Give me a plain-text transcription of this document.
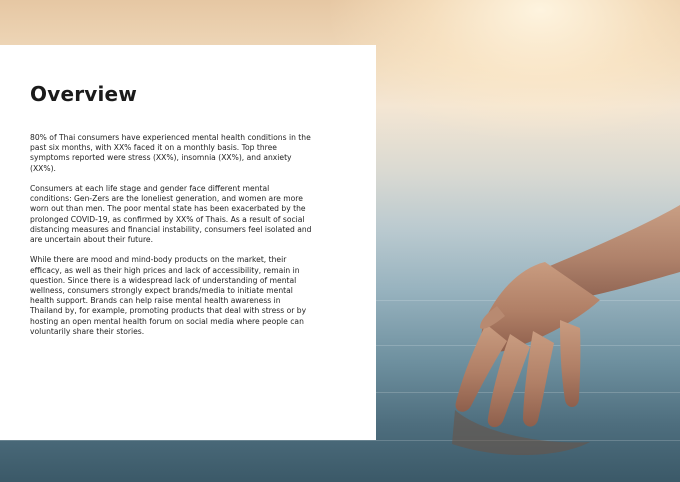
Overview

80% of Thai consumers have experienced mental health conditions in the past six months, with XX% faced it on a monthly basis. Top three symptoms reported were stress (XX%), insomnia (XX%), and anxiety (XX%).

Consumers at each life stage and gender face different mental conditions: Gen-Zers are the loneliest generation, and women are more worn out than men. The poor mental state has been exacerbated by the prolonged COVID-19, as confirmed by XX% of Thais. As a result of social distancing measures and financial instability, consumers feel isolated and are uncertain about their future.

While there are mood and mind-body products on the market, their efficacy, as well as their high prices and lack of accessibility, remain in question. Since there is a widespread lack of understanding of mental wellness, consumers strongly expect brands/media to initiate mental health support. Brands can help raise mental health awareness in Thailand by, for example, promoting products that deal with stress or by hosting an open mental health forum on social media where people can voluntarily share their stories.
